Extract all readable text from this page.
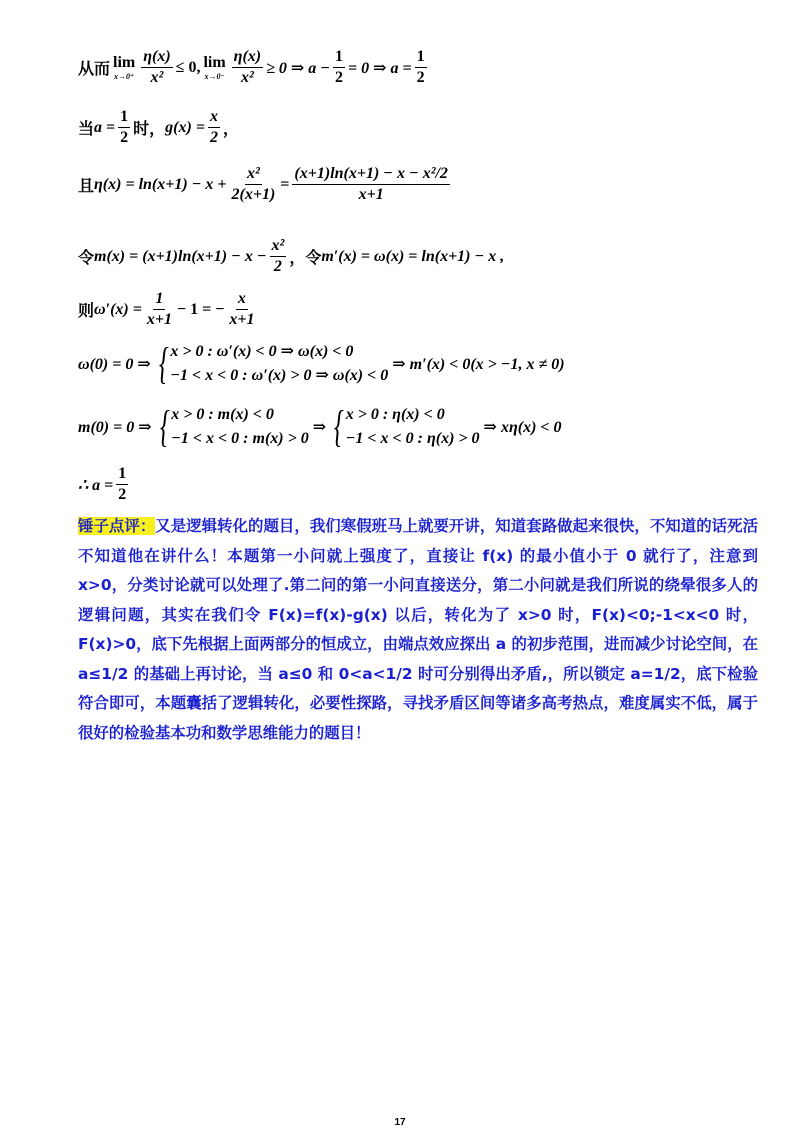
从而 lim
$x\to 0^+ \frac{\eta(x)}{\text{x²}} \le 0$, lim
$x\to 0^- \frac{\eta(x)}{\text{x²}} \ge 0$ ⇒ $a - \frac{1}{2} = 0$ ⇒ $a = \frac{1}{2}$
当 $a = \frac{1}{2}$ 时， $g(x) = \frac{x}{2}$ ，
且 $\eta(x) = \ln(x+1) - x + \frac{\text{x²}}{2(x+1)} = \frac{\text{(x+1)ln(x+1) − x − x²/2}}{x+1}$
令 $m(x) = (x+1)\ln(x+1) - x - \frac{\text{x²}}{2}$ ，令 m′(x) = ω(x) = ln(x+1) − x ,
则 $\omega'(x) = \frac{1}{x+1} - 1$ = − $\frac{x}{x+1}$
ω(0) = 0 ⇒ { x > 0 : ω′(x) < 0 ⇒ ω(x) < 0
−1 < x < 0 : ω′(x) > 0 ⇒ ω(x) < 0
⇒ m′(x) < 0(x > −1, x ≠ 0)
m(0) = 0 ⇒ { x > 0 : m(x) < 0
−1 < x < 0 : m(x) > 0
⇒ { x > 0 : η(x) < 0
−1 < x < 0 : η(x) > 0
⇒ xη(x) < 0
∴ $a = \frac{1}{2}$

锤子点评：又是逻辑转化的题目，我们寒假班马上就要开讲，知道套路做起来很快，不知道的话死活不知道他在讲什么！本题第一小问就上强度了，直接让 f(x) 的最小值小于 0 就行了，注意到 x>0，分类讨论就可以处理了.第二问的第一小问直接送分，第二小问就是我们所说的绕晕很多人的逻辑问题，其实在我们令 F(x)=f(x)-g(x) 以后，转化为了 x>0 时，F(x)<0;-1<x<0 时，F(x)>0，底下先根据上面两部分的恒成立，由端点效应探出 a 的初步范围，进而减少讨论空间，在 a≤1/2 的基础上再讨论，当 a≤0 和 0<a<1/2 时可分别得出矛盾,，所以锁定 a=1/2，底下检验符合即可，本题囊括了逻辑转化，必要性探路，寻找矛盾区间等诸多高考热点，难度属实不低，属于很好的检验基本功和数学思维能力的题目！

17
